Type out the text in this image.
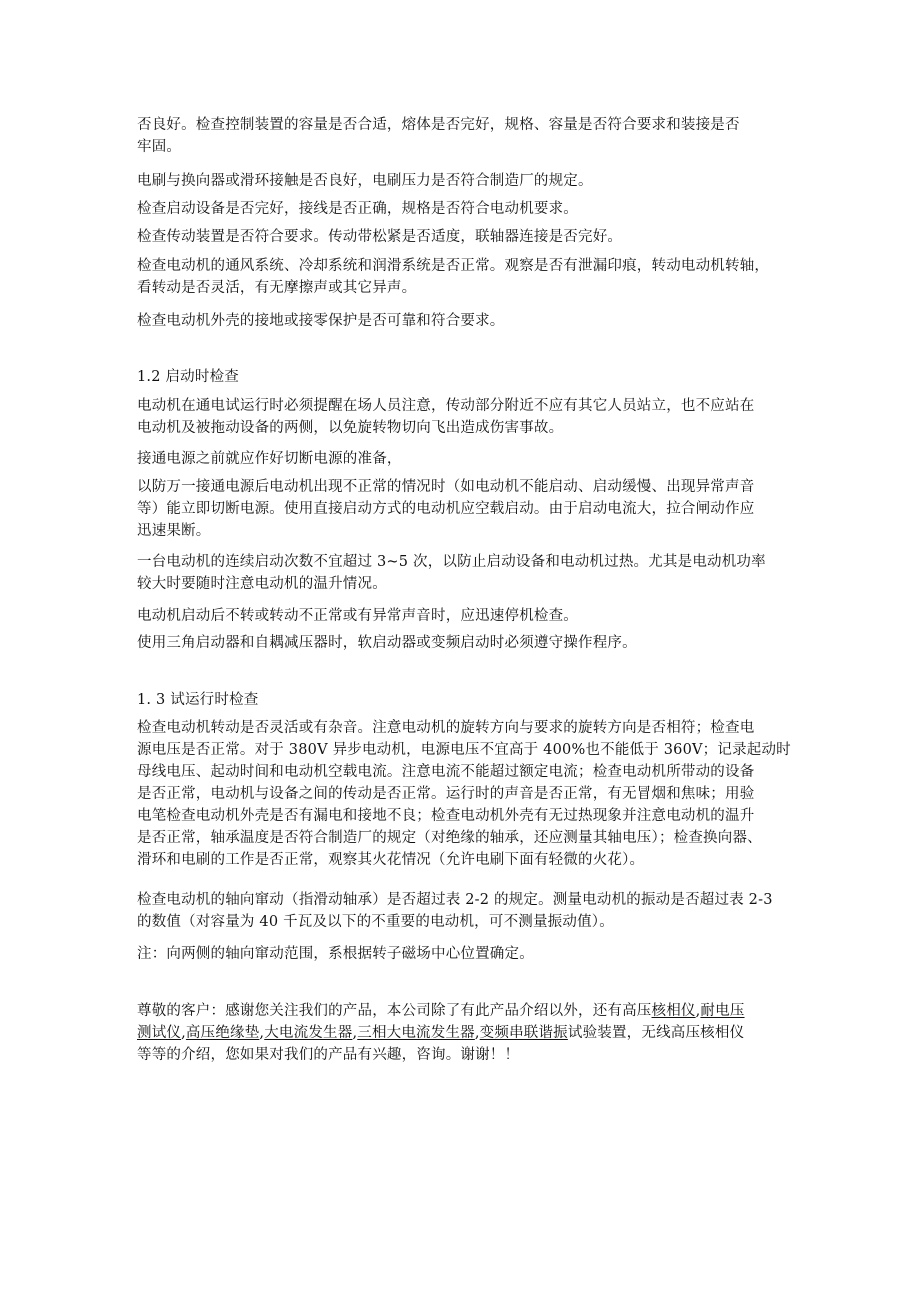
否良好。检查控制装置的容量是否合适，熔体是否完好，规格、容量是否符合要求和装接是否
牢固。

电刷与换向器或滑环接触是否良好，电刷压力是否符合制造厂的规定。

检查启动设备是否完好，接线是否正确，规格是否符合电动机要求。

检查传动装置是否符合要求。传动带松紧是否适度，联轴器连接是否完好。

检查电动机的通风系统、冷却系统和润滑系统是否正常。观察是否有泄漏印痕，转动电动机转轴，
看转动是否灵活，有无摩擦声或其它异声。

检查电动机外壳的接地或接零保护是否可靠和符合要求。

1.2 启动时检查

电动机在通电试运行时必须提醒在场人员注意，传动部分附近不应有其它人员站立，也不应站在
电动机及被拖动设备的两侧，以免旋转物切向飞出造成伤害事故。

接通电源之前就应作好切断电源的准备，

以防万一接通电源后电动机出现不正常的情况时（如电动机不能启动、启动缓慢、出现异常声音
等）能立即切断电源。使用直接启动方式的电动机应空载启动。由于启动电流大，拉合闸动作应
迅速果断。

一台电动机的连续启动次数不宜超过 3~5 次，以防止启动设备和电动机过热。尤其是电动机功率
较大时要随时注意电动机的温升情况。

电动机启动后不转或转动不正常或有异常声音时，应迅速停机检查。

使用三角启动器和自耦减压器时，软启动器或变频启动时必须遵守操作程序。

1. 3 试运行时检查

检查电动机转动是否灵活或有杂音。注意电动机的旋转方向与要求的旋转方向是否相符；检查电
源电压是否正常。对于 380V 异步电动机，电源电压不宜高于 400%也不能低于 360V；记录起动时
母线电压、起动时间和电动机空载电流。注意电流不能超过额定电流；检查电动机所带动的设备
是否正常，电动机与设备之间的传动是否正常。运行时的声音是否正常，有无冒烟和焦味；用验
电笔检查电动机外壳是否有漏电和接地不良；检查电动机外壳有无过热现象并注意电动机的温升
是否正常，轴承温度是否符合制造厂的规定（对绝缘的轴承，还应测量其轴电压）；检查换向器、
滑环和电刷的工作是否正常，观察其火花情况（允许电刷下面有轻微的火花）。

检查电动机的轴向窜动（指滑动轴承）是否超过表 2-2 的规定。测量电动机的振动是否超过表 2-3
的数值（对容量为 40 千瓦及以下的不重要的电动机，可不测量振动值）。

注：向两侧的轴向窜动范围，系根据转子磁场中心位置确定。

尊敬的客户：感谢您关注我们的产品，本公司除了有此产品介绍以外，还有高压核相仪,耐电压
测试仪,高压绝缘垫,大电流发生器,三相大电流发生器,变频串联谐振试验装置，无线高压核相仪
等等的介绍，您如果对我们的产品有兴趣，咨询。谢谢！！
